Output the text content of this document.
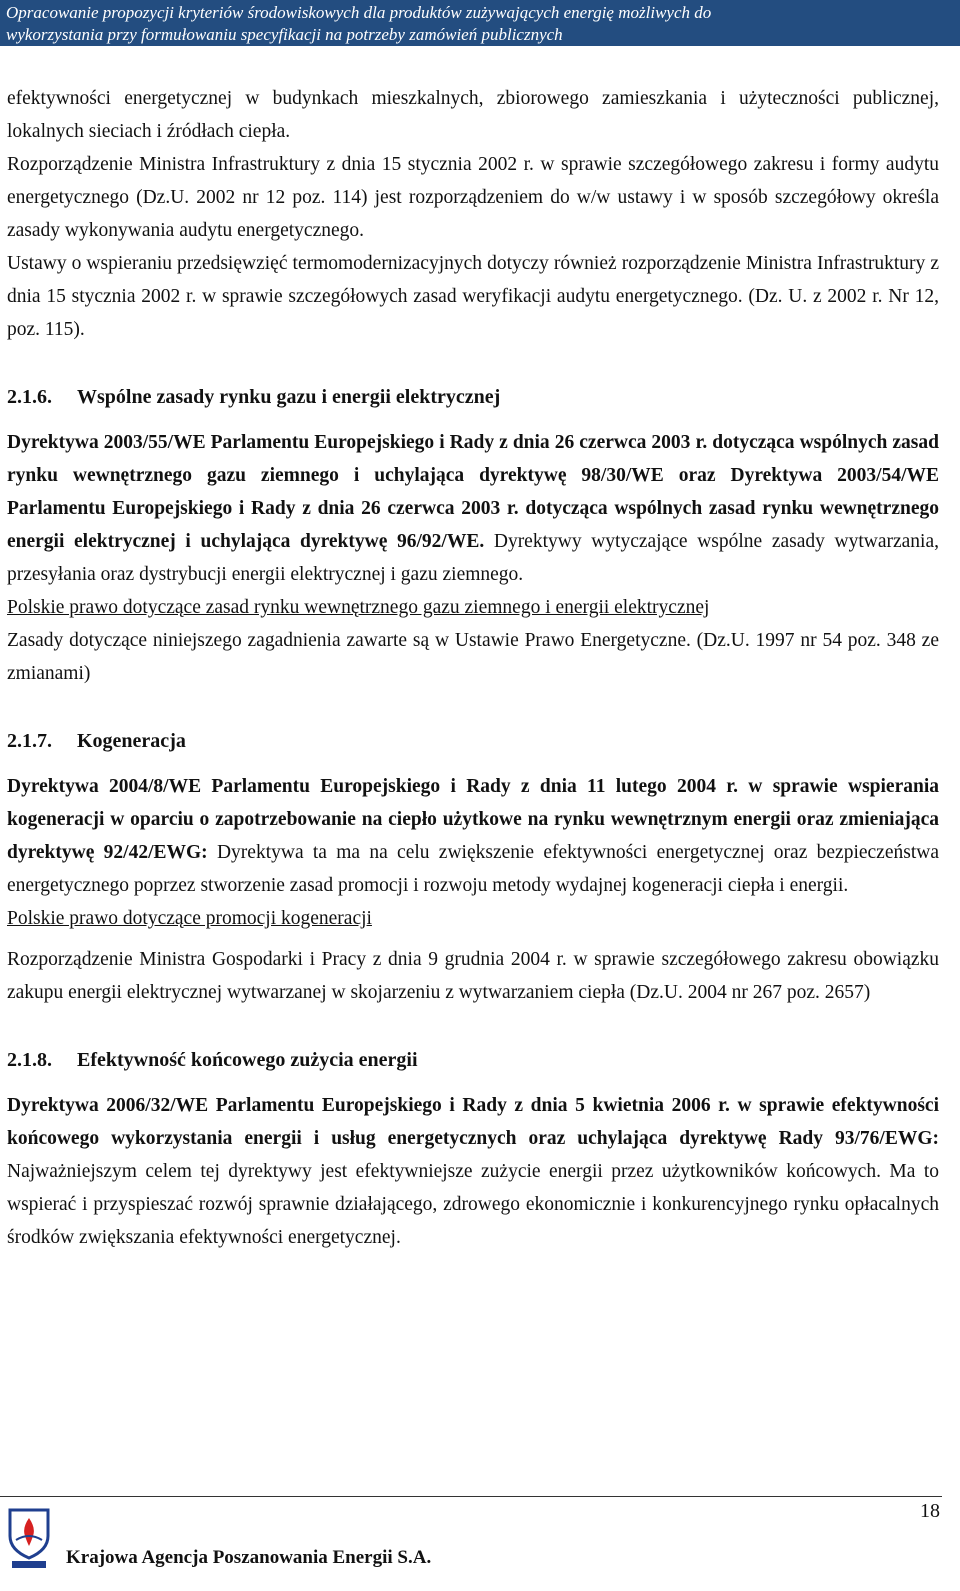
Opracowanie propozycji kryteriów środowiskowych dla produktów zużywających energię możliwych do
wykorzystania przy formułowaniu specyfikacji na potrzeby zamówień publicznych

efektywności energetycznej w budynkach mieszkalnych, zbiorowego zamieszkania i użyteczności publicznej, lokalnych sieciach i źródłach ciepła.

Rozporządzenie Ministra Infrastruktury z dnia 15 stycznia 2002 r. w sprawie szczegółowego zakresu i formy audytu energetycznego (Dz.U. 2002 nr 12 poz. 114) jest rozporządzeniem do w/w ustawy i w sposób szczegółowy określa zasady wykonywania audytu energetycznego.

Ustawy o wspieraniu przedsięwzięć termomodernizacyjnych dotyczy również rozporządzenie Ministra Infrastruktury z dnia 15 stycznia 2002 r. w sprawie szczegółowych zasad weryfikacji audytu energetycznego. (Dz. U. z 2002 r. Nr 12, poz. 115).

2.1.6. Wspólne zasady rynku gazu i energii elektrycznej

Dyrektywa 2003/55/WE Parlamentu Europejskiego i Rady z dnia 26 czerwca 2003 r. dotycząca wspólnych zasad rynku wewnętrznego gazu ziemnego i uchylająca dyrektywę 98/30/WE oraz Dyrektywa 2003/54/WE Parlamentu Europejskiego i Rady z dnia 26 czerwca 2003 r. dotycząca wspólnych zasad rynku wewnętrznego energii elektrycznej i uchylająca dyrektywę 96/92/WE. Dyrektywy wytyczające wspólne zasady wytwarzania, przesyłania oraz dystrybucji energii elektrycznej i gazu ziemnego.

Polskie prawo dotyczące zasad rynku wewnętrznego gazu ziemnego i energii elektrycznej

Zasady dotyczące niniejszego zagadnienia zawarte są w Ustawie Prawo Energetyczne. (Dz.U. 1997 nr 54 poz. 348 ze zmianami)

2.1.7. Kogeneracja

Dyrektywa 2004/8/WE Parlamentu Europejskiego i Rady z dnia 11 lutego 2004 r. w sprawie wspierania kogeneracji w oparciu o zapotrzebowanie na ciepło użytkowe na rynku wewnętrznym energii oraz zmieniająca dyrektywę 92/42/EWG: Dyrektywa ta ma na celu zwiększenie efektywności energetycznej oraz bezpieczeństwa energetycznego poprzez stworzenie zasad promocji i rozwoju metody wydajnej kogeneracji ciepła i energii.

Polskie prawo dotyczące promocji kogeneracji

Rozporządzenie Ministra Gospodarki i Pracy z dnia 9 grudnia 2004 r. w sprawie szczegółowego zakresu obowiązku zakupu energii elektrycznej wytwarzanej w skojarzeniu z wytwarzaniem ciepła (Dz.U. 2004 nr 267 poz. 2657)

2.1.8. Efektywność końcowego zużycia energii

Dyrektywa 2006/32/WE Parlamentu Europejskiego i Rady z dnia 5 kwietnia 2006 r. w sprawie efektywności końcowego wykorzystania energii i usług energetycznych oraz uchylająca dyrektywę Rady 93/76/EWG: Najważniejszym celem tej dyrektywy jest efektywniejsze zużycie energii przez użytkowników końcowych. Ma to wspierać i przyspieszać rozwój sprawnie działającego, zdrowego ekonomicznie i konkurencyjnego rynku opłacalnych środków zwiększania efektywności energetycznej.

18
Krajowa Agencja Poszanowania Energii S.A.
